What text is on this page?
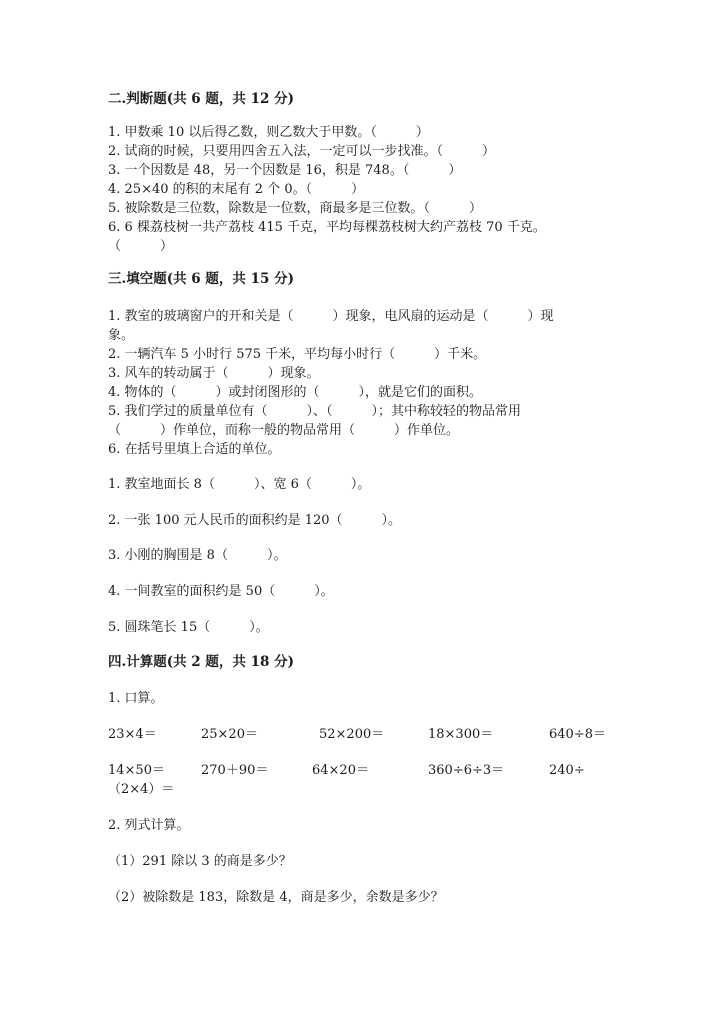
二.判断题(共 6 题，共 12 分)
1. 甲数乘 10 以后得乙数，则乙数大于甲数。（　　　）
2. 试商的时候，只要用四舍五入法，一定可以一步找准。（　　　）
3. 一个因数是 48，另一个因数是 16，积是 748。（　　　）
4. 25×40 的积的末尾有 2 个 0。（　　　）
5. 被除数是三位数，除数是一位数，商最多是三位数。（　　　）
6. 6 棵荔枝树一共产荔枝 415 千克，平均每棵荔枝树大约产荔枝 70 千克。
（　　　）
三.填空题(共 6 题，共 15 分)
1. 教室的玻璃窗户的开和关是（　　　）现象，电风扇的运动是（　　　）现
象。
2. 一辆汽车 5 小时行 575 千米，平均每小时行（　　　）千米。
3. 风车的转动属于（　　　）现象。
4. 物体的（　　　）或封闭图形的（　　　），就是它们的面积。
5. 我们学过的质量单位有（　　　）、（　　　）；其中称较轻的物品常用
（　　　）作单位，而称一般的物品常用（　　　）作单位。
6. 在括号里填上合适的单位。
1. 教室地面长 8（　　　）、宽 6（　　　）。
2. 一张 100 元人民币的面积约是 120（　　　）。
3. 小刚的胸围是 8（　　　）。
4. 一间教室的面积约是 50（　　　）。
5. 圆珠笔长 15（　　　）。
四.计算题(共 2 题，共 18 分)
1. 口算。
23×4＝	25×20＝	52×200＝	18×300＝	640÷8＝
14×50＝	270＋90＝	64×20＝	360÷6÷3＝	240÷
（2×4）＝
2. 列式计算。
（1）291 除以 3 的商是多少？
（2）被除数是 183，除数是 4，商是多少，余数是多少？
